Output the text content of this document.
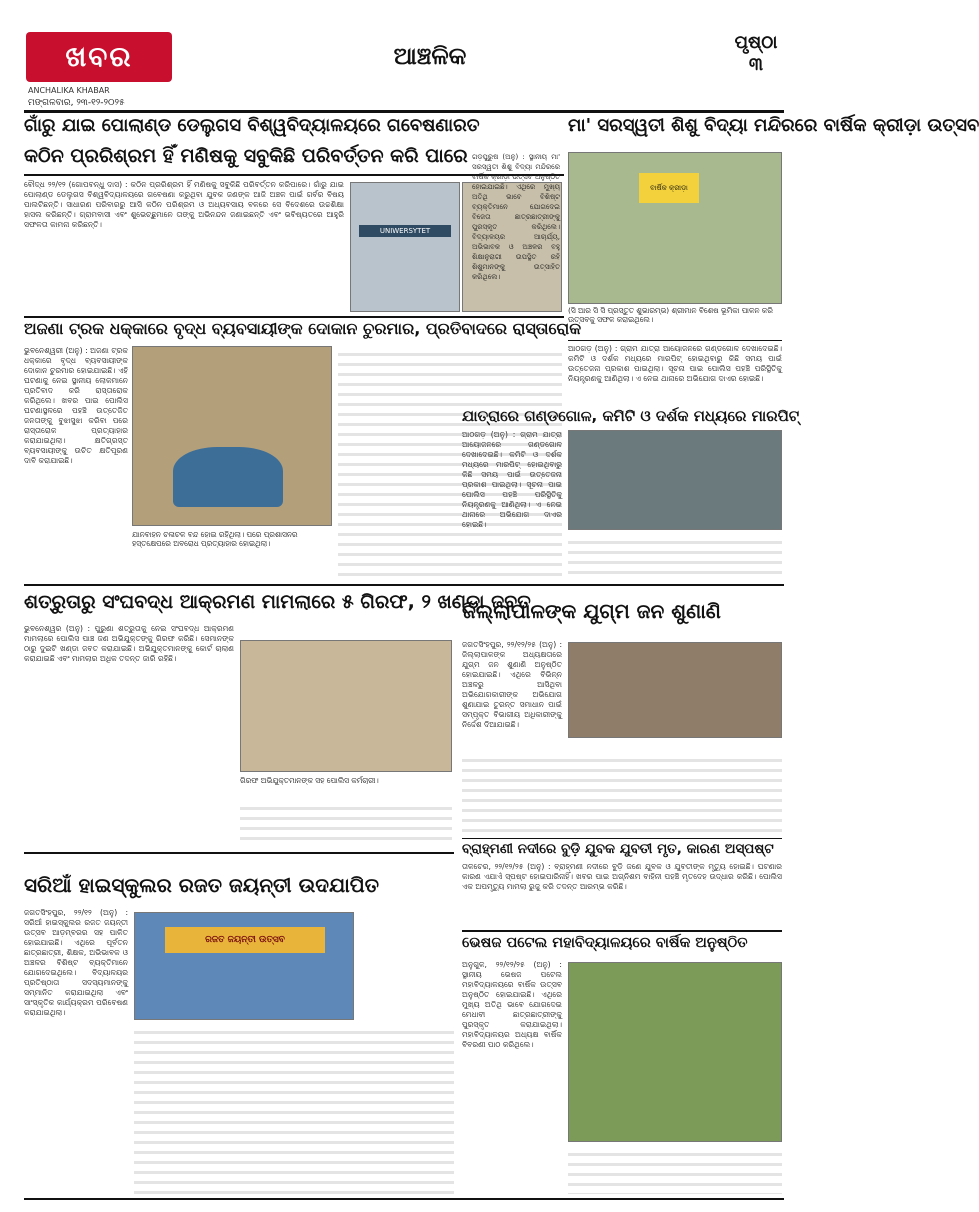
ଖବର
ANCHALIKA KHABAR
ମଙ୍ଗଳବାର, ୨୩-୧୨-୨୦୨୫
ଆଞ୍ଚଳିକ	ପୃଷ୍ଠା
୩
ଗାଁରୁ ଯାଇ ପୋଲାଣ୍ଡ ଡେଲୁଗସ ବିଶ୍ୱବିଦ୍ୟାଳୟରେ ଗବେଷଣାରତ
କଠିନ ପ୍ରରିଶ୍ରମ ହିଁ ମଣିଷକୁ ସବୁକିଛି ପରିବର୍ତ୍ତନ କରି ପାରେ
ବୌଦ୍ଧ ୨୨/୧୨ (ଗୋପବନ୍ଧୁ ଦାସ) : କଠିନ ପ୍ରରିଶ୍ରମ ହିଁ ମଣିଷକୁ ସବୁକିଛି ପରିବର୍ତ୍ତନ କରିପାରେ। ଗାଁରୁ ଯାଇ ପୋଲାଣ୍ଡ ଡେଲୁଗସ ବିଶ୍ୱବିଦ୍ୟାଳୟରେ ଗବେଷଣା କରୁଥିବା ଯୁବକ ଜଣଙ୍କ ଆଜି ଅଞ୍ଚଳ ପାଇଁ ଗର୍ବର ବିଷୟ ପାଲଟିଛନ୍ତି। ସାଧାରଣ ପରିବାରରୁ ଆସି କଠିନ ପରିଶ୍ରମ ଓ ଅଧ୍ୟବସାୟ ବଳରେ ସେ ବିଦେଶରେ ଉଚ୍ଚଶିକ୍ଷା ହାସଲ କରିଛନ୍ତି। ଗ୍ରାମବାସୀ ଏବଂ ଶୁଭେଚ୍ଛୁମାନେ ତାଙ୍କୁ ଅଭିନନ୍ଦନ ଜଣାଇଛନ୍ତି ଏବଂ ଭବିଷ୍ୟତରେ ଆହୁରି ସଫଳତା କାମନା କରିଛନ୍ତି।
UNIWERSYTET
ମା' ସରସ୍ୱତୀ ଶିଶୁ ବିଦ୍ୟା ମନ୍ଦିରରେ ବାର୍ଷିକ କ୍ରୀଡ଼ା ଉତ୍ସବ
ଗଡ଼ପୁରୁଷ (ଅନୁ) : ସ୍ଥାନୀୟ ମା' ସରସ୍ୱତୀ ଶିଶୁ ବିଦ୍ୟା ମନ୍ଦିରରେ ବାର୍ଷିକ କ୍ରୀଡ଼ା ଉତ୍ସବ ଅନୁଷ୍ଠିତ ହୋଇଯାଇଛି। ଏଥିରେ ମୁଖ୍ୟ ଅତିଥି ଭାବେ ବିଶିଷ୍ଟ ବ୍ୟକ୍ତିମାନେ ଯୋଗଦେଇ ବିଜେତା ଛାତ୍ରଛାତ୍ରୀଙ୍କୁ ପୁରସ୍କୃତ କରିଥିଲେ। ବିଦ୍ୟାଳୟର ଆଚାର୍ଯ୍ୟ, ଅଭିଭାବକ ଓ ଅଞ୍ଚଳର ବହୁ ଶିକ୍ଷାନୁରାଗୀ ଉପସ୍ଥିତ ରହି ଶିଶୁମାନଙ୍କୁ ଉତ୍ସାହିତ କରିଥିଲେ।
ବାର୍ଷିକ କ୍ରୀଡ଼ା
(ସି ଆର ସି ସି ପ୍ରସ୍ତୁତ ଶୁଭାରମ୍ଭ) ଶ୍ରୀମାନ ବିଶେଷ ଭୂମିକା ପାଳନ କରି ଉତ୍ସବକୁ ସଫଳ କରାଇଥିଲେ।
ଅଜଣା ଟ୍ରକ ଧକ୍କାରେ ବୃଦ୍ଧ ବ୍ୟବସାୟୀଙ୍କ ଦୋକାନ ଚୁରମାର, ପ୍ରତିବାଦରେ ରାସ୍ତାରୋକ
ଭୁବନେଶ୍ୱରୀ (ଅନୁ) : ଅଜଣା ଟ୍ରକ ଧକ୍କାରେ ବୃଦ୍ଧ ବ୍ୟବସାୟୀଙ୍କ ଦୋକାନ ଚୁରମାର ହୋଇଯାଇଛି। ଏହି ଘଟଣାକୁ ନେଇ ସ୍ଥାନୀୟ ଲୋକମାନେ ପ୍ରତିବାଦ କରି ରାସ୍ତାରୋକ କରିଥିଲେ। ଖବର ପାଇ ପୋଲିସ ଘଟଣାସ୍ଥଳରେ ପହଞ୍ଚି ଉତ୍ତେଜିତ ଜନତାଙ୍କୁ ବୁଝାସୁଝା କରିବା ପରେ ରାସ୍ତାରୋକ ପ୍ରତ୍ୟାହାର କରାଯାଇଥିଲା। କ୍ଷତିଗ୍ରସ୍ତ ବ୍ୟବସାୟୀଙ୍କୁ ଉଚିତ କ୍ଷତିପୂରଣ ଦାବି କରାଯାଇଛି।
ଯାନବାହନ ଚଳାଚଳ ବନ୍ଦ ହୋଇ ରହିଥିଲା। ପରେ ପ୍ରଶାସନର ହସ୍ତକ୍ଷେପରେ ଅବରୋଧ ପ୍ରତ୍ୟାହାର ହୋଇଥିଲା।
ଯାତ୍ରାରେ ଗଣ୍ଡଗୋଳ, କମିଟି ଓ ଦର୍ଶକ ମଧ୍ୟରେ ମାରପିଟ୍
ଆଠଗଡ଼ (ଅନୁ) : ଗ୍ରାମ ଯାତ୍ରା ଆୟୋଜନରେ ଗଣ୍ଡଗୋଳ ଦେଖାଦେଇଛି। କମିଟି ଓ ଦର୍ଶକ ମଧ୍ୟରେ ମାରପିଟ୍ ହୋଇଥିବାରୁ କିଛି ସମୟ ପାଇଁ ଉତ୍ତେଜନା ପ୍ରକାଶ ପାଇଥିଲା। ସୂଚନା ପାଇ ପୋଲିସ ପହଞ୍ଚି ପରିସ୍ଥିତିକୁ ନିୟନ୍ତ୍ରଣକୁ ଆଣିଥିଲା। ଏ ନେଇ ଥାନାରେ ଅଭିଯୋଗ ଦାଏର ହୋଇଛି।
ଆଠଗଡ଼ (ଅନୁ) : ଗ୍ରାମ ଯାତ୍ରା ଆୟୋଜନରେ ଗଣ୍ଡଗୋଳ ଦେଖାଦେଇଛି। କମିଟି ଓ ଦର୍ଶକ ମଧ୍ୟରେ ମାରପିଟ୍ ହୋଇଥିବାରୁ କିଛି ସମୟ ପାଇଁ ଉତ୍ତେଜନା ପ୍ରକାଶ ପାଇଥିଲା। ସୂଚନା ପାଇ ପୋଲିସ ପହଞ୍ଚି ପରିସ୍ଥିତିକୁ ନିୟନ୍ତ୍ରଣକୁ ଆଣିଥିଲା। ଏ ନେଇ ଥାନାରେ ଅଭିଯୋଗ ଦାଏର ହୋଇଛି।
ଶତ୍ରୁତାରୁ ସଂଘବଦ୍ଧ ଆକ୍ରମଣ ମାମଲାରେ ୫ ଗିରଫ, ୨ ଖଣ୍ଡା ଜବତ
ଭୁବନେଶ୍ୱର (ଅନୁ) : ପୁରୁଣା ଶତ୍ରୁତାକୁ ନେଇ ସଂଘବଦ୍ଧ ଆକ୍ରମଣ ମାମଲାରେ ପୋଲିସ ପାଞ୍ଚ ଜଣ ଅଭିଯୁକ୍ତଙ୍କୁ ଗିରଫ କରିଛି। ସେମାନଙ୍କ ଠାରୁ ଦୁଇଟି ଖଣ୍ଡା ଜବତ କରାଯାଇଛି। ଅଭିଯୁକ୍ତମାନଙ୍କୁ କୋର୍ଟ ଚାଲାଣ କରାଯାଇଛି ଏବଂ ମାମଲାର ଅଧିକ ତଦନ୍ତ ଜାରି ରହିଛି।
ଗିରଫ ଅଭିଯୁକ୍ତମାନଙ୍କ ସହ ପୋଲିସ କର୍ମଚାରୀ।
ଜିଲ୍ଲାପାଳଙ୍କ ଯୁଗ୍ମ ଜନ ଶୁଣାଣି
ଜଗତସିଂହପୁର, ୨୨/୧୨/୨୫ (ଅନୁ) : ଜିଲ୍ଲାପାଳଙ୍କ ଅଧ୍ୟକ୍ଷତାରେ ଯୁଗ୍ମ ଜନ ଶୁଣାଣି ଅନୁଷ୍ଠିତ ହୋଇଯାଇଛି। ଏଥିରେ ବିଭିନ୍ନ ଅଞ୍ଚଳରୁ ଆସିଥିବା ଅଭିଯୋଗକାରୀଙ୍କ ଅଭିଯୋଗ ଶୁଣାଯାଇ ତୁରନ୍ତ ସମାଧାନ ପାଇଁ ସମ୍ପୃକ୍ତ ବିଭାଗୀୟ ଅଧିକାରୀଙ୍କୁ ନିର୍ଦ୍ଦେଶ ଦିଆଯାଇଛି।
ବ୍ରାହ୍ମଣୀ ନଦୀରେ ବୁଡ଼ି ଯୁବକ ଯୁବତୀ ମୃତ, କାରଣ ଅସ୍ପଷ୍ଟ
ତାଳଚେର, ୨୨/୧୨/୨୫ (ଅନୁ) : ବ୍ରାହ୍ମଣୀ ନଦୀରେ ବୁଡ଼ି ଜଣେ ଯୁବକ ଓ ଯୁବତୀଙ୍କ ମୃତ୍ୟୁ ହୋଇଛି। ଘଟଣାର କାରଣ ଏଯାଏଁ ସ୍ପଷ୍ଟ ହୋଇପାରିନାହିଁ। ଖବର ପାଇ ଅଗ୍ନିଶମ ବାହିନୀ ପହଞ୍ଚି ମୃତଦେହ ଉଦ୍ଧାର କରିଛି। ପୋଲିସ ଏକ ଅପମୃତ୍ୟୁ ମାମଲା ରୁଜୁ କରି ତଦନ୍ତ ଆରମ୍ଭ କରିଛି।
ସରିଆଁ ହାଇସ୍କୁଲର ରଜତ ଜୟନ୍ତୀ ଉଦଯାପିତ
ଜଗତସିଂହପୁର, ୨୨/୧୨ (ଅନୁ) : ସରିଆଁ ହାଇସ୍କୁଲର ରଜତ ଜୟନ୍ତୀ ଉତ୍ସବ ଆଡ଼ମ୍ବରର ସହ ପାଳିତ ହୋଇଯାଇଛି। ଏଥିରେ ପୂର୍ବତନ ଛାତ୍ରଛାତ୍ରୀ, ଶିକ୍ଷକ, ଅଭିଭାବକ ଓ ଅଞ୍ଚଳର ବିଶିଷ୍ଟ ବ୍ୟକ୍ତିମାନେ ଯୋଗଦେଇଥିଲେ। ବିଦ୍ୟାଳୟର ପ୍ରତିଷ୍ଠାତା ସଦସ୍ୟମାନଙ୍କୁ ସମ୍ମାନିତ କରାଯାଇଥିଲା ଏବଂ ସାଂସ୍କୃତିକ କାର୍ଯ୍ୟକ୍ରମ ପରିବେଷଣ କରାଯାଇଥିଲା।
ରଜତ ଜୟନ୍ତୀ ଉତ୍ସବ	ଭେଷଜ ପଟେଲ ମହାବିଦ୍ୟାଳୟରେ ବାର୍ଷିକ ଅନୁଷ୍ଠିତ
ଅନୁଗୁଳ, ୨୨/୧୨/୨୫ (ଅନୁ) : ସ୍ଥାନୀୟ ଭେଷଜ ପଟେଲ ମହାବିଦ୍ୟାଳୟରେ ବାର୍ଷିକ ଉତ୍ସବ ଅନୁଷ୍ଠିତ ହୋଇଯାଇଛି। ଏଥିରେ ମୁଖ୍ୟ ଅତିଥି ଭାବେ ଯୋଗଦେଇ ମେଧାବୀ ଛାତ୍ରଛାତ୍ରୀଙ୍କୁ ପୁରସ୍କୃତ କରାଯାଇଥିଲା। ମହାବିଦ୍ୟାଳୟର ଅଧ୍ୟକ୍ଷ ବାର୍ଷିକ ବିବରଣୀ ପାଠ କରିଥିଲେ।
